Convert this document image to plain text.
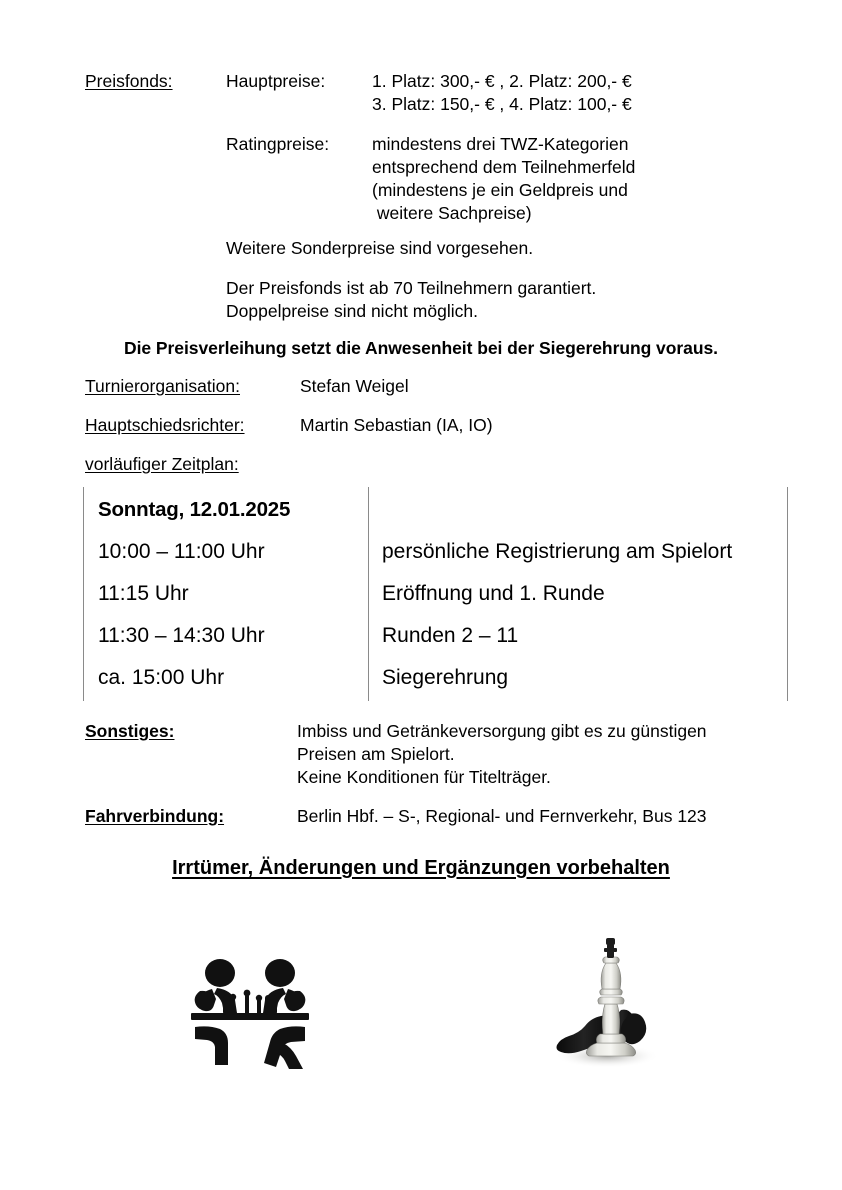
Preisfonds:	Hauptpreise:	1. Platz: 300,- € , 2. Platz: 200,- €
3. Platz: 150,- € , 4. Platz: 100,- €
Ratingpreise: mindestens drei TWZ-Kategorien
entsprechend dem Teilnehmerfeld
(mindestens je ein Geldpreis und
weitere Sachpreise)
Weitere Sonderpreise sind vorgesehen.
Der Preisfonds ist ab 70 Teilnehmern garantiert.
Doppelpreise sind nicht möglich.
Die Preisverleihung setzt die Anwesenheit bei der Siegerehrung voraus.
Turnierorganisation:	Stefan Weigel
Hauptschiedsrichter:	Martin Sebastian (IA, IO)
vorläufiger Zeitplan:
Sonntag, 12.01.2025
10:00 – 11:00 Uhr	persönliche Registrierung am Spielort
11:15 Uhr	Eröffnung und 1. Runde
11:30 – 14:30 Uhr	Runden 2 – 11
ca. 15:00 Uhr	Siegerehrung
Sonstiges:	Imbiss und Getränkeversorgung gibt es zu günstigen
Preisen am Spielort.
Keine Konditionen für Titelträger.
Fahrverbindung:	Berlin Hbf. – S-, Regional- und Fernverkehr, Bus 123
Irrtümer, Änderungen und Ergänzungen vorbehalten
